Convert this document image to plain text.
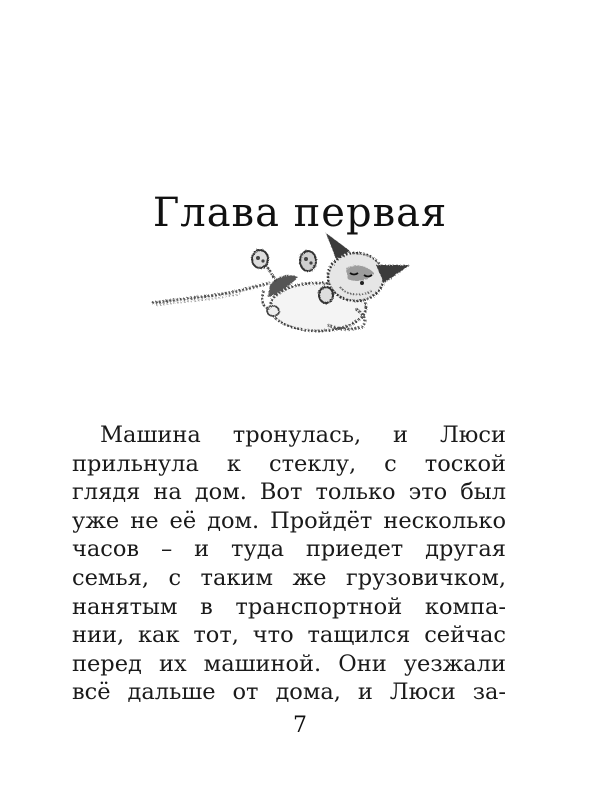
Глава первая
Машина тронулась, и Люси
прильнула к стеклу, с тоской
глядя на дом. Вот только это был
уже не её дом. Пройдёт несколько
часов – и туда приедет другая
семья, с таким же грузовичком,
нанятым в транспортной компа-
нии, как тот, что тащился сейчас
перед их машиной. Они уезжали
всё дальше от дома, и Люси за-
7
